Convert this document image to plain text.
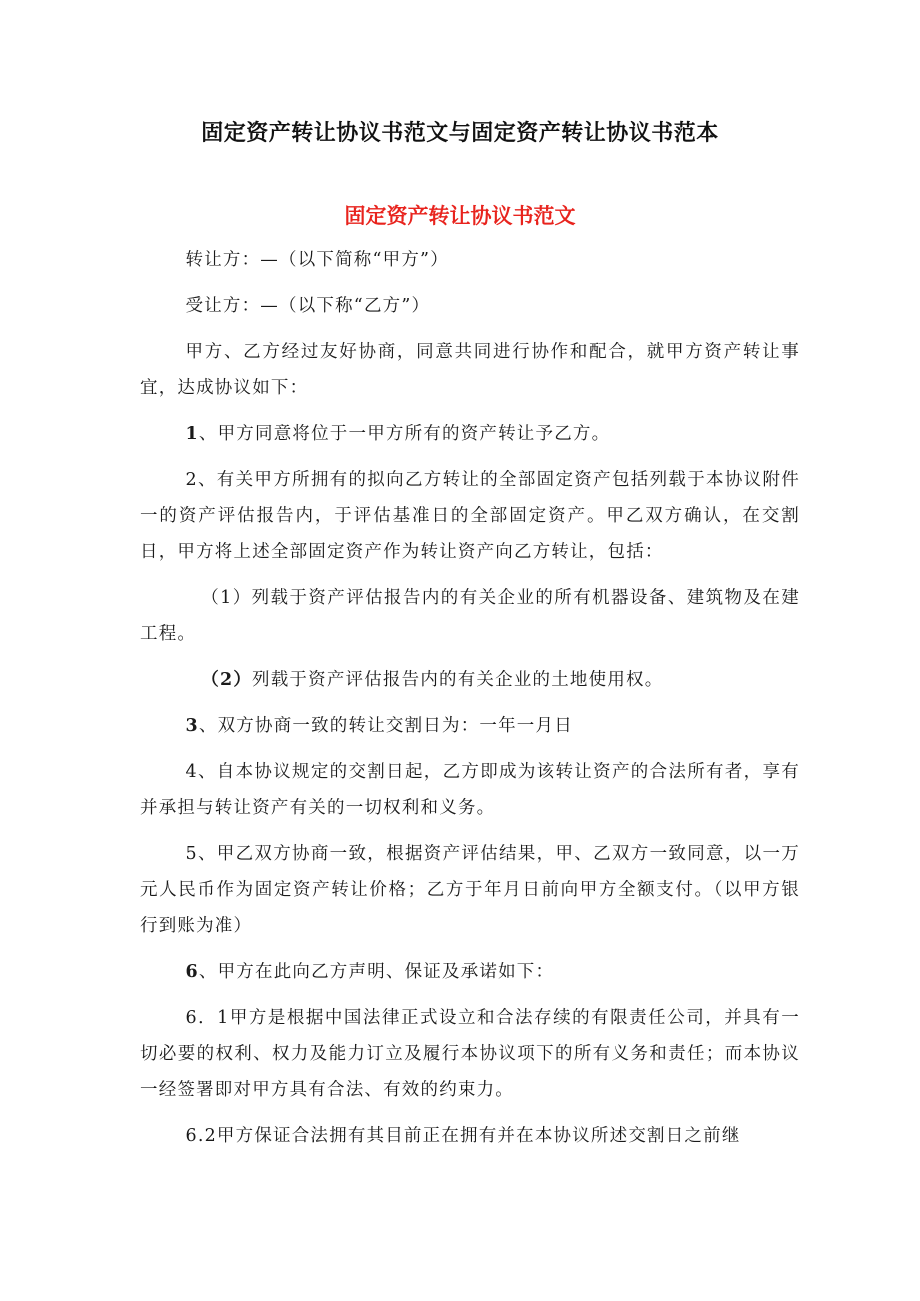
固定资产转让协议书范文与固定资产转让协议书范本
固定资产转让协议书范文

转让方：—（以下简称“甲方”）

受让方：—（以下称“乙方”）

甲方、乙方经过友好协商，同意共同进行协作和配合，就甲方资产转让事宜，达成协议如下：

1、甲方同意将位于一甲方所有的资产转让予乙方。

2、有关甲方所拥有的拟向乙方转让的全部固定资产包括列载于本协议附件一的资产评估报告内，于评估基准日的全部固定资产。甲乙双方确认，在交割日，甲方将上述全部固定资产作为转让资产向乙方转让，包括：

（1）列载于资产评估报告内的有关企业的所有机器设备、建筑物及在建工程。

（2）列载于资产评估报告内的有关企业的土地使用权。

3、双方协商一致的转让交割日为：一年一月日

4、自本协议规定的交割日起，乙方即成为该转让资产的合法所有者，享有并承担与转让资产有关的一切权利和义务。

5、甲乙双方协商一致，根据资产评估结果，甲、乙双方一致同意，以一万元人民币作为固定资产转让价格；乙方于年月日前向甲方全额支付。（以甲方银行到账为准）

6、甲方在此向乙方声明、保证及承诺如下：

6．1甲方是根据中国法律正式设立和合法存续的有限责任公司，并具有一切必要的权利、权力及能力订立及履行本协议项下的所有义务和责任；而本协议一经签署即对甲方具有合法、有效的约束力。

6.2甲方保证合法拥有其目前正在拥有并在本协议所述交割日之前继
